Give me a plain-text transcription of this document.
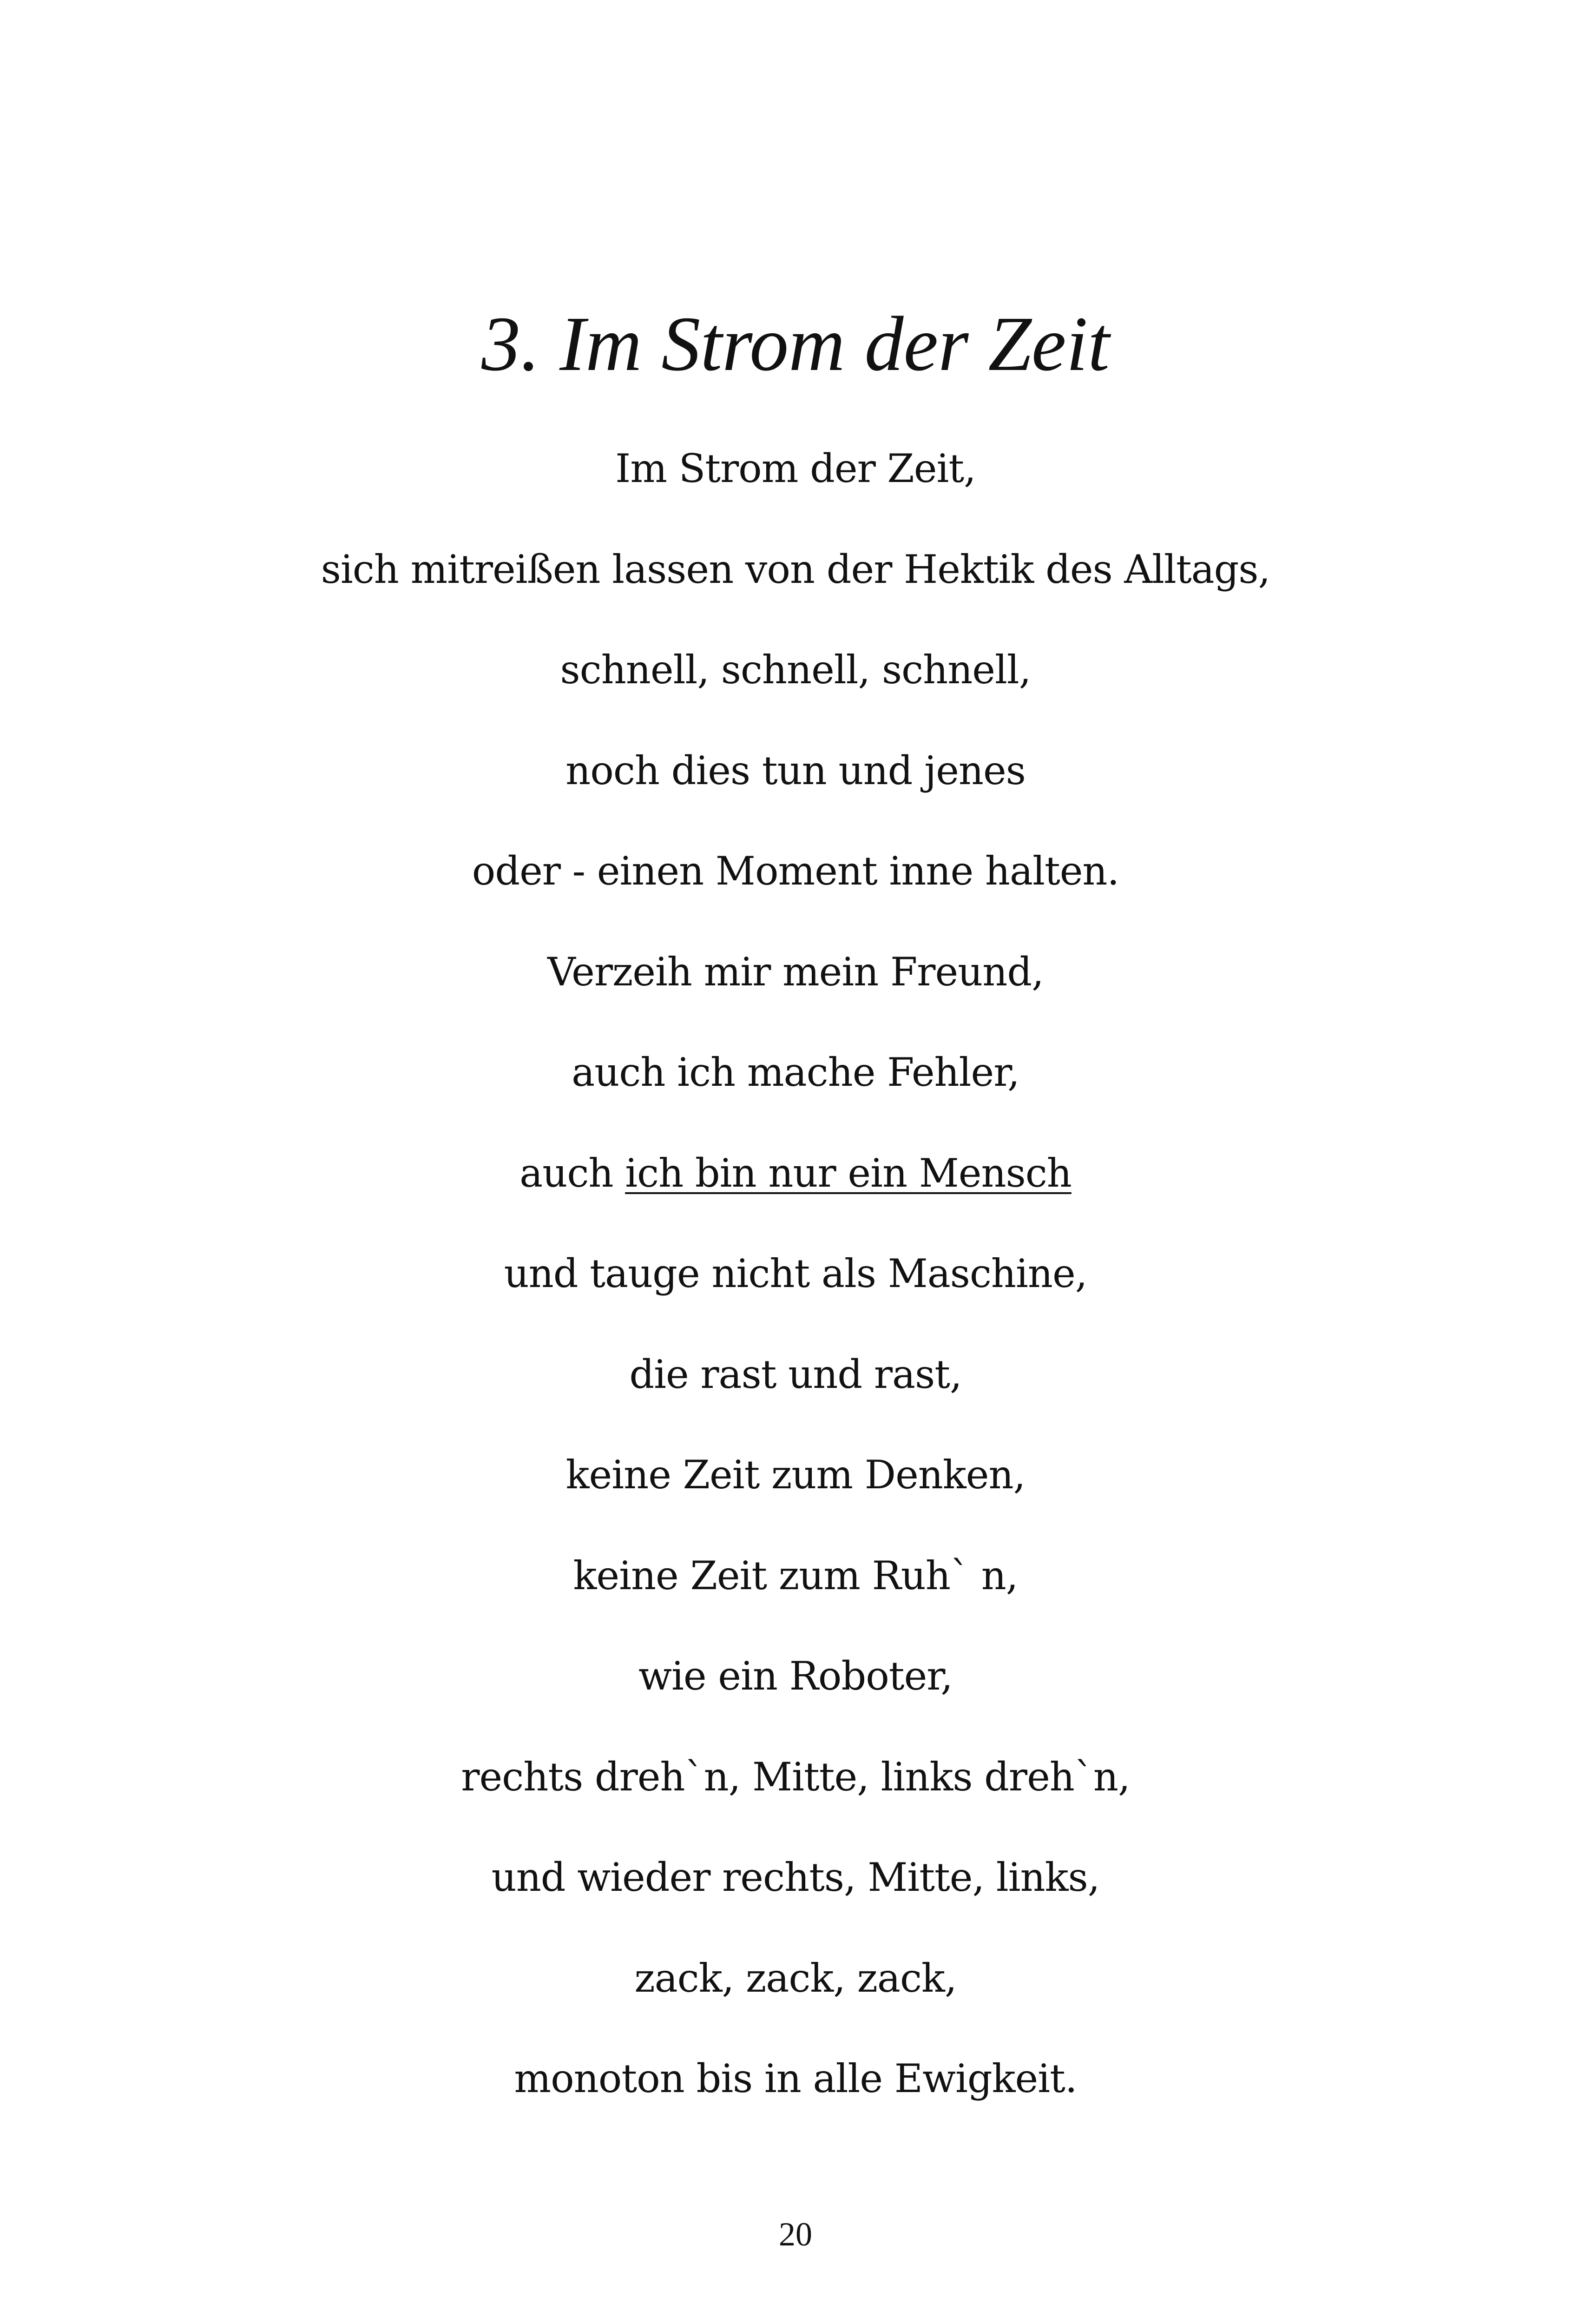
3. Im Strom der Zeit
Im Strom der Zeit,
sich mitreißen lassen von der Hektik des Alltags,
schnell, schnell, schnell,
noch dies tun und jenes
oder - einen Moment inne halten.
Verzeih mir mein Freund,
auch ich mache Fehler,
auch ich bin nur ein Mensch
und tauge nicht als Maschine,
die rast und rast,
keine Zeit zum Denken,
keine Zeit zum Ruh` n,
wie ein Roboter,
rechts dreh`n, Mitte, links dreh`n,
und wieder rechts, Mitte, links,
zack, zack, zack,
monoton bis in alle Ewigkeit.
20
